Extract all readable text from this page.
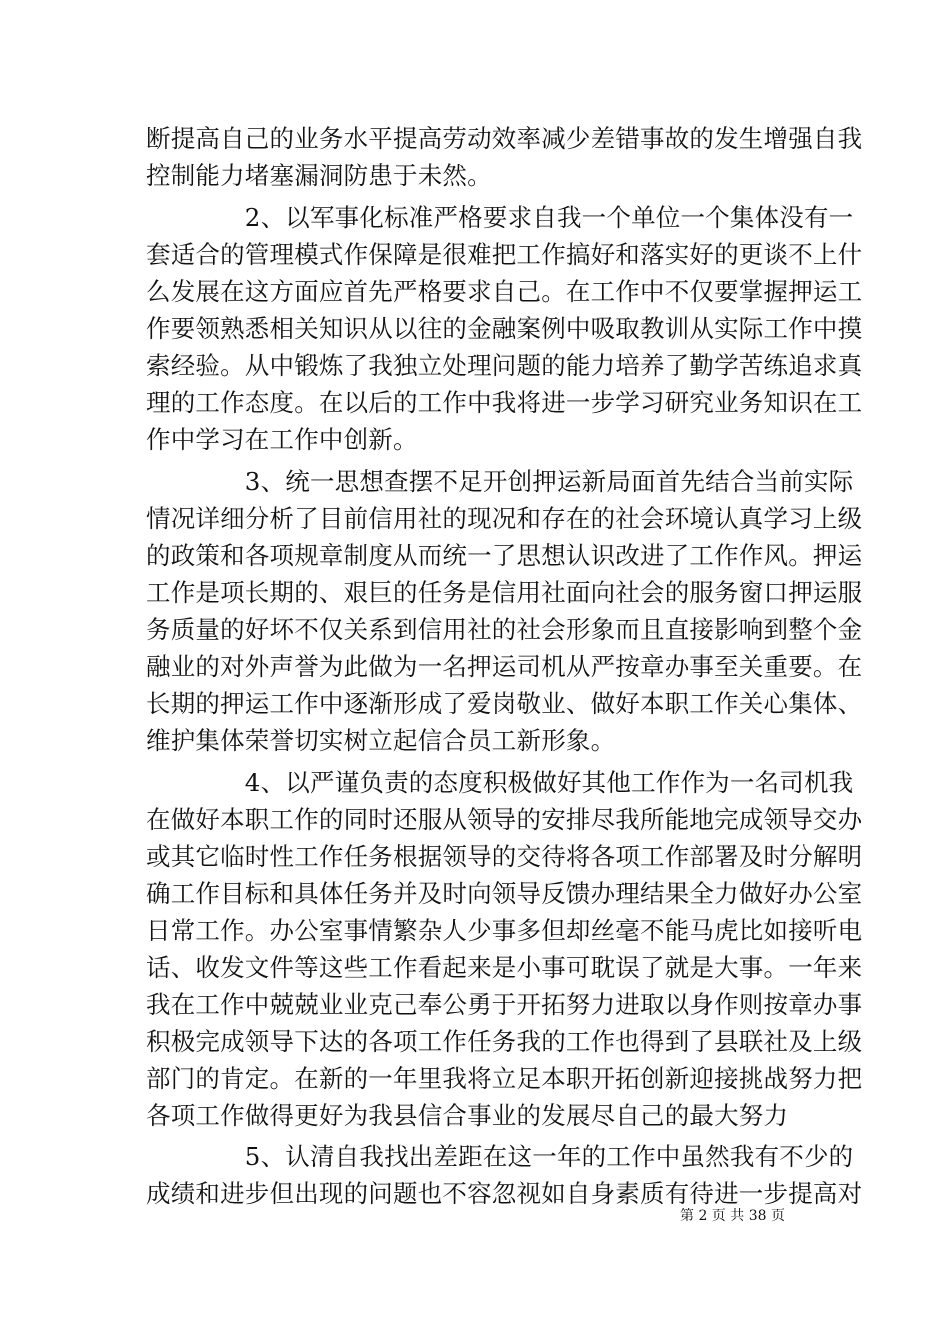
断提高自己的业务水平提高劳动效率减少差错事故的发生增强自我
控制能力堵塞漏洞防患于未然。
　　　　2、以军事化标准严格要求自我一个单位一个集体没有一
套适合的管理模式作保障是很难把工作搞好和落实好的更谈不上什
么发展在这方面应首先严格要求自己。在工作中不仅要掌握押运工
作要领熟悉相关知识从以往的金融案例中吸取教训从实际工作中摸
索经验。从中锻炼了我独立处理问题的能力培养了勤学苦练追求真
理的工作态度。在以后的工作中我将进一步学习研究业务知识在工
作中学习在工作中创新。
　　　　3、统一思想查摆不足开创押运新局面首先结合当前实际
情况详细分析了目前信用社的现况和存在的社会环境认真学习上级
的政策和各项规章制度从而统一了思想认识改进了工作作风。押运
工作是项长期的、艰巨的任务是信用社面向社会的服务窗口押运服
务质量的好坏不仅关系到信用社的社会形象而且直接影响到整个金
融业的对外声誉为此做为一名押运司机从严按章办事至关重要。在
长期的押运工作中逐渐形成了爱岗敬业、做好本职工作关心集体、
维护集体荣誉切实树立起信合员工新形象。
　　　　4、以严谨负责的态度积极做好其他工作作为一名司机我
在做好本职工作的同时还服从领导的安排尽我所能地完成领导交办
或其它临时性工作任务根据领导的交待将各项工作部署及时分解明
确工作目标和具体任务并及时向领导反馈办理结果全力做好办公室
日常工作。办公室事情繁杂人少事多但却丝毫不能马虎比如接听电
话、收发文件等这些工作看起来是小事可耽误了就是大事。一年来
我在工作中兢兢业业克己奉公勇于开拓努力进取以身作则按章办事
积极完成领导下达的各项工作任务我的工作也得到了县联社及上级
部门的肯定。在新的一年里我将立足本职开拓创新迎接挑战努力把
各项工作做得更好为我县信合事业的发展尽自己的最大努力
　　　　5、认清自我找出差距在这一年的工作中虽然我有不少的
成绩和进步但出现的问题也不容忽视如自身素质有待进一步提高对
第 2 页 共 38 页
